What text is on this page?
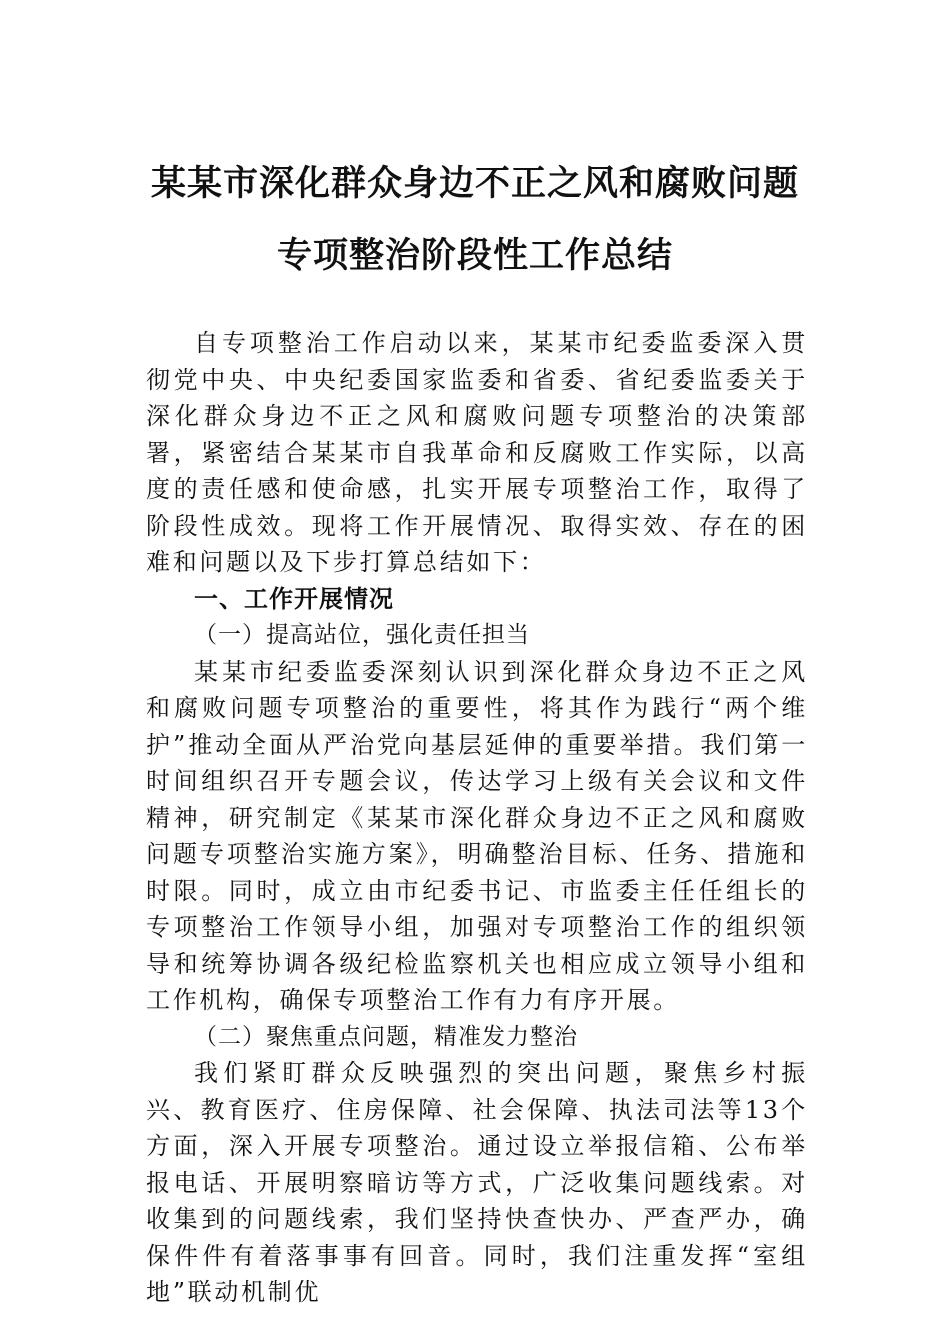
某某市深化群众身边不正之风和腐败问题
专项整治阶段性工作总结

自专项整治工作启动以来，某某市纪委监委深入贯彻党中央、中央纪委国家监委和省委、省纪委监委关于深化群众身边不正之风和腐败问题专项整治的决策部署，紧密结合某某市自我革命和反腐败工作实际，以高度的责任感和使命感，扎实开展专项整治工作，取得了阶段性成效。现将工作开展情况、取得实效、存在的困难和问题以及下步打算总结如下：

一、工作开展情况

（一）提高站位，强化责任担当

某某市纪委监委深刻认识到深化群众身边不正之风和腐败问题专项整治的重要性，将其作为践行“两个维护”推动全面从严治党向基层延伸的重要举措。我们第一时间组织召开专题会议，传达学习上级有关会议和文件精神，研究制定《某某市深化群众身边不正之风和腐败问题专项整治实施方案》，明确整治目标、任务、措施和时限。同时，成立由市纪委书记、市监委主任任组长的专项整治工作领导小组，加强对专项整治工作的组织领导和统筹协调各级纪检监察机关也相应成立领导小组和工作机构，确保专项整治工作有力有序开展。

（二）聚焦重点问题，精准发力整治

我们紧盯群众反映强烈的突出问题，聚焦乡村振兴、教育医疗、住房保障、社会保障、执法司法等13个方面，深入开展专项整治。通过设立举报信箱、公布举报电话、开展明察暗访等方式，广泛收集问题线索。对收集到的问题线索，我们坚持快查快办、严查严办，确保件件有着落事事有回音。同时，我们注重发挥“室组地”联动机制优
